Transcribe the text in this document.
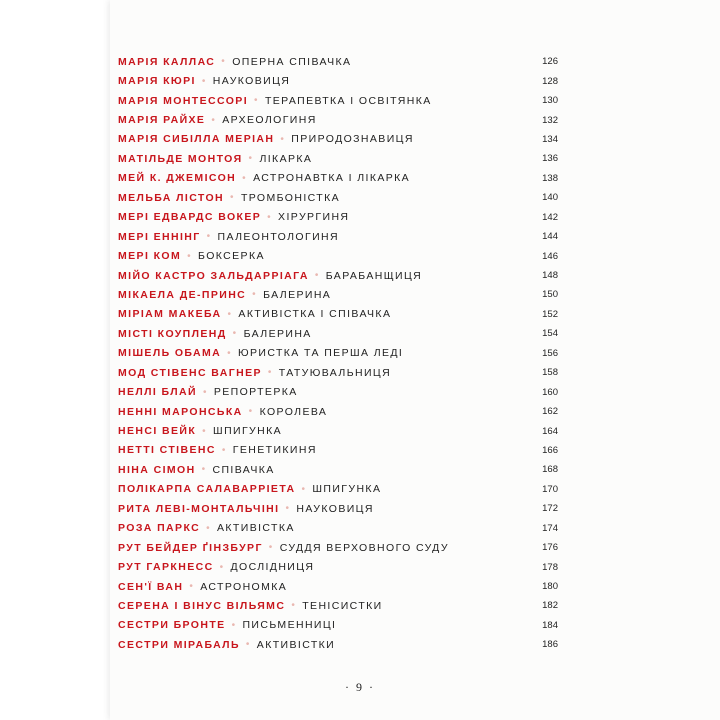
МАРІЯ КАЛЛАС • ОПЕРНА СПІВАЧКА	126
МАРІЯ КЮРІ • НАУКОВИЦЯ	128
МАРІЯ МОНТЕССОРІ • ТЕРАПЕВТКА І ОСВІТЯНКА	130
МАРІЯ РАЙХЕ • АРХЕОЛОГИНЯ	132
МАРІЯ СИБІЛЛА МЕРІАН • ПРИРОДОЗНАВИЦЯ	134
МАТІЛЬДЕ МОНТОЯ • ЛІКАРКА	136
МЕЙ К. ДЖЕМІСОН • АСТРОНАВТКА І ЛІКАРКА	138
МЕЛЬБА ЛІСТОН • ТРОМБОНІСТКА	140
МЕРІ ЕДВАРДС ВОКЕР • ХІРУРГИНЯ	142
МЕРІ ЕННІНГ • ПАЛЕОНТОЛОГИНЯ	144
МЕРІ КОМ • БОКСЕРКА	146
МІЙО КАСТРО ЗАЛЬДАРРІАГА • БАРАБАНЩИЦЯ	148
МІКАЕЛА ДЕ-ПРИНС • БАЛЕРИНА	150
МІРІАМ МАКЕБА • АКТИВІСТКА І СПІВАЧКА	152
МІСТІ КОУПЛЕНД • БАЛЕРИНА	154
МІШЕЛЬ ОБАМА • ЮРИСТКА ТА ПЕРША ЛЕДІ	156
МОД СТІВЕНС ВАГНЕР • ТАТУЮВАЛЬНИЦЯ	158
НЕЛЛІ БЛАЙ • РЕПОРТЕРКА	160
НЕННІ МАРОНСЬКА • КОРОЛЕВА	162
НЕНСІ ВЕЙК • ШПИГУНКА	164
НЕТТІ СТІВЕНС • ГЕНЕТИКИНЯ	166
НІНА СІМОН • СПІВАЧКА	168
ПОЛІКАРПА САЛАВАРРІЕТА • ШПИГУНКА	170
РИТА ЛЕВІ-МОНТАЛЬЧІНІ • НАУКОВИЦЯ	172
РОЗА ПАРКС • АКТИВІСТКА	174
РУТ БЕЙДЕР ҐІНЗБУРГ • СУДДЯ ВЕРХОВНОГО СУДУ	176
РУТ ГАРКНЕСС • ДОСЛІДНИЦЯ	178
СЕН'Ї ВАН • АСТРОНОМКА	180
СЕРЕНА І ВІНУС ВІЛЬЯМС • ТЕНІСИСТКИ	182
СЕСТРИ БРОНТЕ • ПИСЬМЕННИЦІ	184
СЕСТРИ МІРАБАЛЬ • АКТИВІСТКИ	186
· 9 ·
